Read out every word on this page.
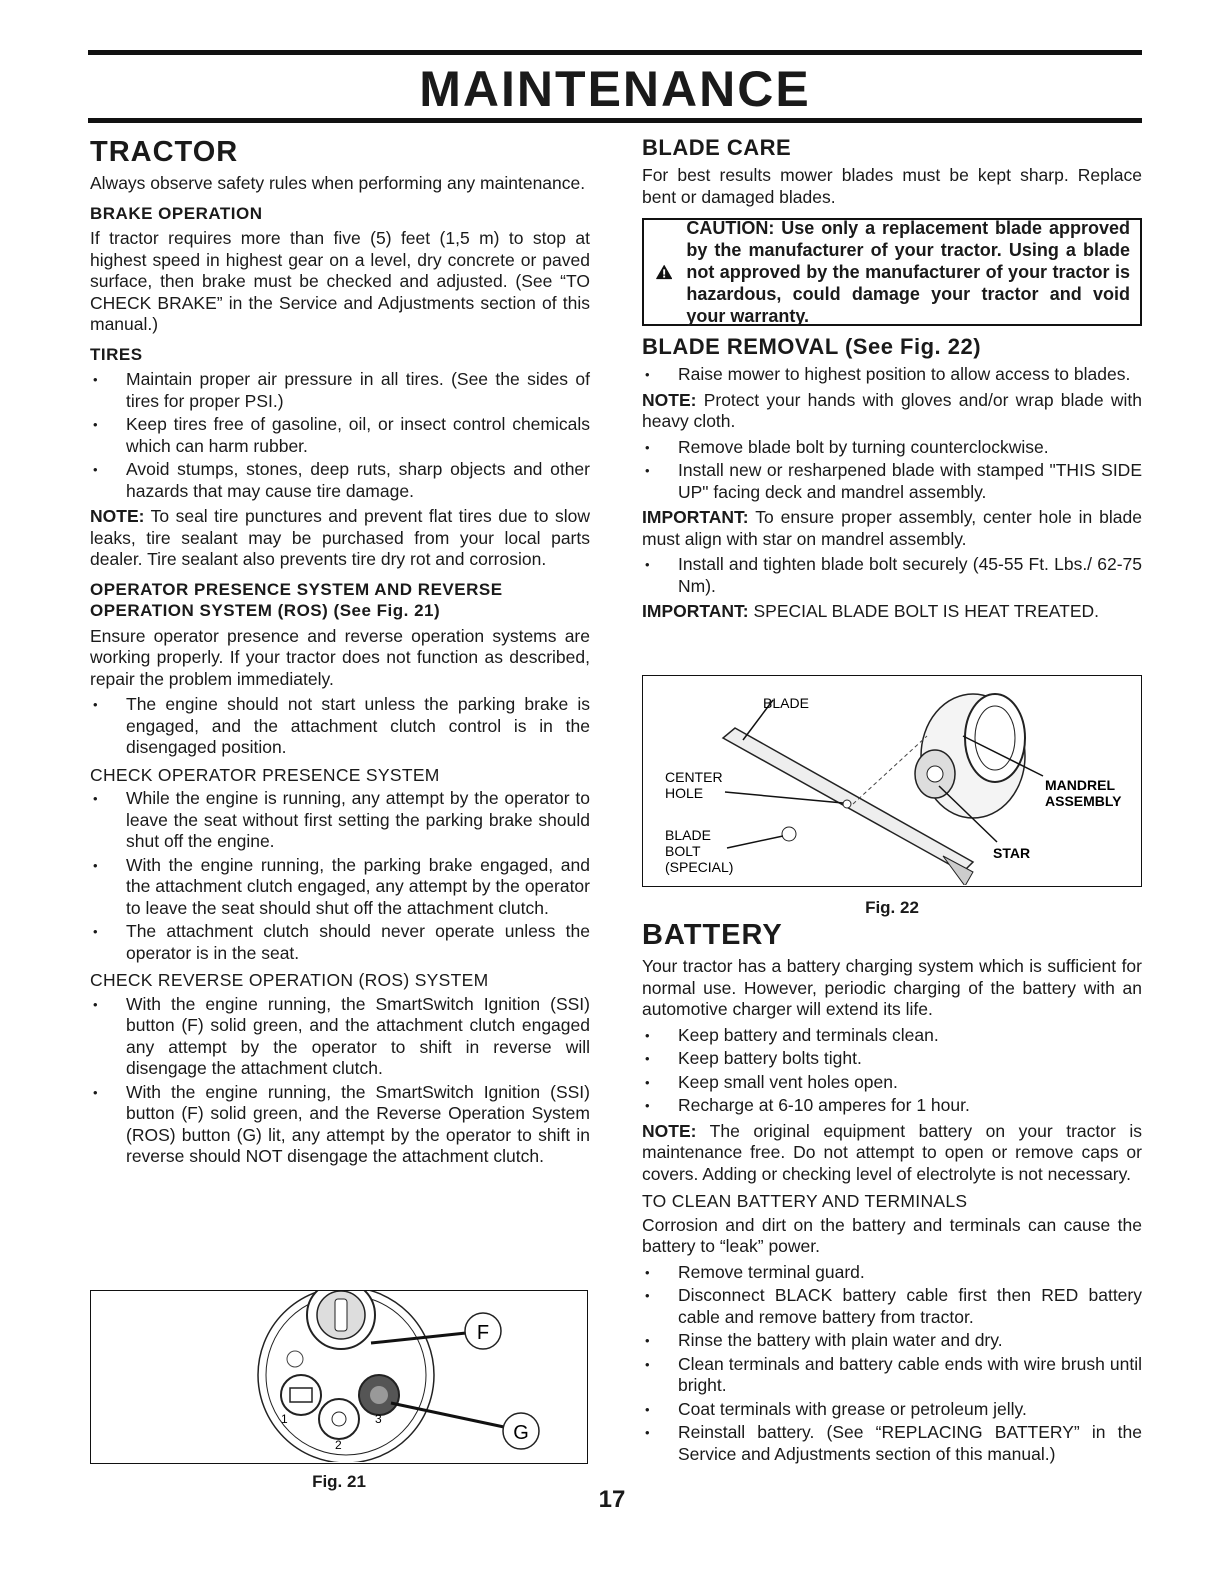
MAINTENANCE
TRACTOR

Always observe safety rules when performing any maintenance.

BRAKE OPERATION

If tractor requires more than five (5) feet (1,5 m) to stop at highest speed in highest gear on a level, dry concrete or paved surface, then brake must be checked and adjusted. (See “TO CHECK BRAKE” in the Service and Adjustments section of this manual.)

TIRES
• Maintain proper air pressure in all tires. (See the sides of tires for proper PSI.)
• Keep tires free of gasoline, oil, or insect control chemicals which can harm rubber.
• Avoid stumps, stones, deep ruts, sharp objects and other hazards that may cause tire damage.

NOTE: To seal tire punctures and prevent flat tires due to slow leaks, tire sealant may be purchased from your local parts dealer. Tire sealant also prevents tire dry rot and corrosion.

OPERATOR PRESENCE SYSTEM AND REVERSE OPERATION SYSTEM (ROS) (See Fig. 21)

Ensure operator presence and reverse operation systems are working properly. If your tractor does not function as described, repair the problem immediately.

• The engine should not start unless the parking brake is engaged, and the attachment clutch control is in the disengaged position.
CHECK OPERATOR PRESENCE SYSTEM
• While the engine is running, any attempt by the operator to leave the seat without first setting the parking brake should shut off the engine.
• With the engine running, the parking brake engaged, and the attachment clutch engaged, any attempt by the operator to leave the seat should shut off the attachment clutch.
• The attachment clutch should never operate unless the operator is in the seat.
CHECK REVERSE OPERATION (ROS) SYSTEM
• With the engine running, the SmartSwitch Ignition (SSI) button (F) solid green, and the attachment clutch engaged any attempt by the operator to shift in reverse will disengage the attachment clutch.
• With the engine running, the SmartSwitch Ignition (SSI) button (F) solid green, and the Reverse Operation System (ROS) button (G) lit, any attempt by the operator to shift in reverse should NOT disengage the attachment clutch.
F
G
1
2
3
Fig. 21
17
BLADE CARE

For best results mower blades must be kept sharp. Replace bent or damaged blades.

CAUTION: Use only a replacement blade approved by the manufacturer of your tractor. Using a blade not approved by the manufacturer of your tractor is hazardous, could damage your tractor and void your warranty.
BLADE REMOVAL (See Fig. 22)
• Raise mower to highest position to allow access to blades.

NOTE: Protect your hands with gloves and/or wrap blade with heavy cloth.

• Remove blade bolt by turning counterclockwise.
• Install new or resharpened blade with stamped "THIS SIDE UP" facing deck and mandrel assembly.

IMPORTANT: To ensure proper assembly, center hole in blade must align with star on mandrel assembly.

• Install and tighten blade bolt securely (45-55 Ft. Lbs./ 62-75 Nm).

IMPORTANT: SPECIAL BLADE BOLT IS HEAT TREATED.

BLADE
CENTER
HOLE
BLADE
BOLT
(SPECIAL)
MANDREL
ASSEMBLY
STAR
Fig. 22
BATTERY

Your tractor has a battery charging system which is sufficient for normal use. However, periodic charging of the battery with an automotive charger will extend its life.

• Keep battery and terminals clean.
• Keep battery bolts tight.
• Keep small vent holes open.
• Recharge at 6-10 amperes for 1 hour.

NOTE: The original equipment battery on your tractor is maintenance free. Do not attempt to open or remove caps or covers. Adding or checking level of electrolyte is not necessary.

TO CLEAN BATTERY AND TERMINALS

Corrosion and dirt on the battery and terminals can cause the battery to “leak” power.

• Remove terminal guard.
• Disconnect BLACK battery cable first then RED battery cable and remove battery from tractor.
• Rinse the battery with plain water and dry.
• Clean terminals and battery cable ends with wire brush until bright.
• Coat terminals with grease or petroleum jelly.
• Reinstall battery. (See “REPLACING BATTERY” in the Service and Adjustments section of this manual.)
